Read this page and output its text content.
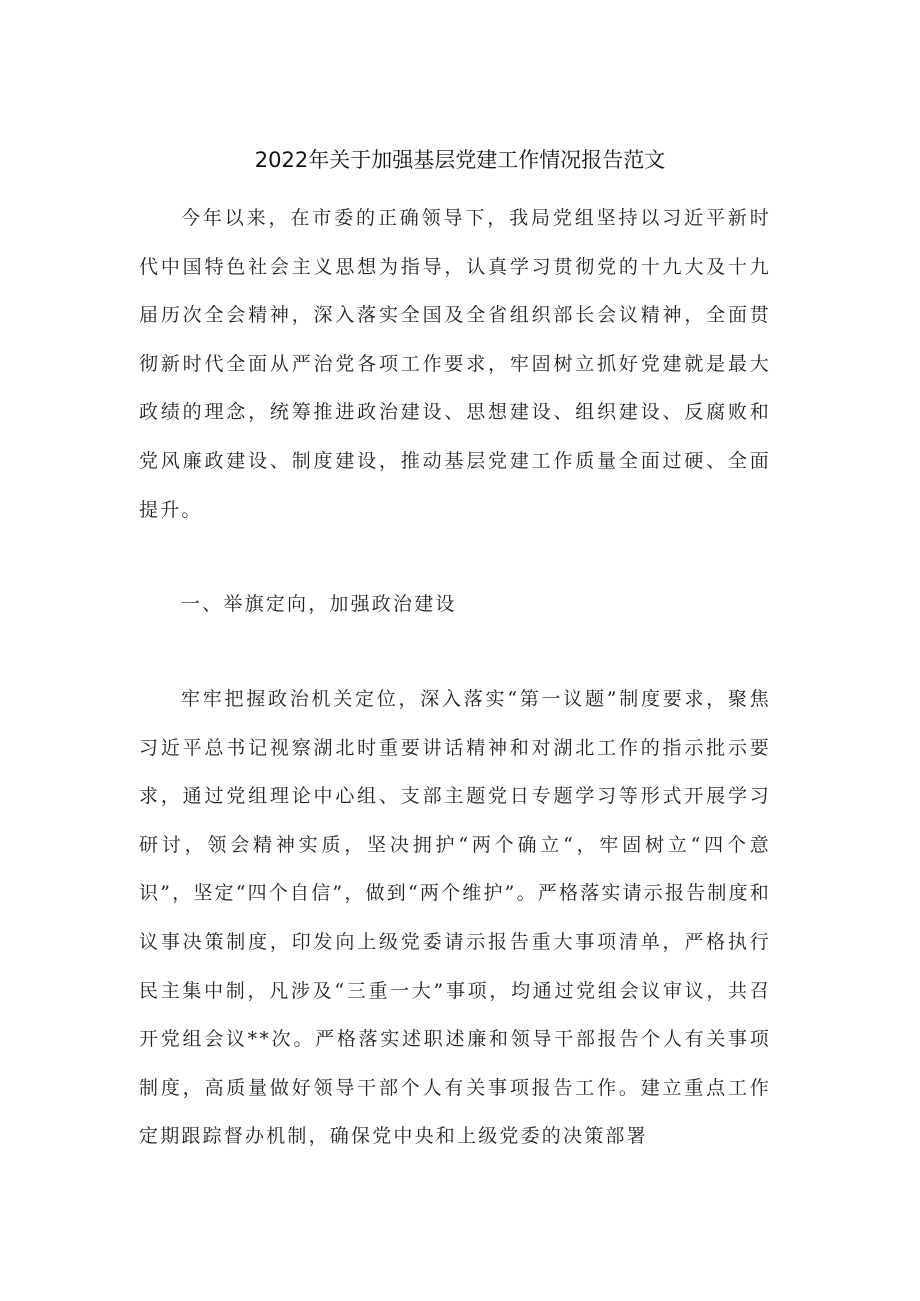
2022年关于加强基层党建工作情况报告范文

今年以来，在市委的正确领导下，我局党组坚持以习近平新时代中国特色社会主义思想为指导，认真学习贯彻党的十九大及十九届历次全会精神，深入落实全国及全省组织部长会议精神，全面贯彻新时代全面从严治党各项工作要求，牢固树立抓好党建就是最大政绩的理念，统筹推进政治建设、思想建设、组织建设、反腐败和党风廉政建设、制度建设，推动基层党建工作质量全面过硬、全面提升。

一、举旗定向，加强政治建设

牢牢把握政治机关定位，深入落实“第一议题”制度要求，聚焦习近平总书记视察湖北时重要讲话精神和对湖北工作的指示批示要求，通过党组理论中心组、支部主题党日专题学习等形式开展学习研讨，领会精神实质，坚决拥护“两个确立“，牢固树立“四个意识”，坚定“四个自信”，做到“两个维护”。严格落实请示报告制度和议事决策制度，印发向上级党委请示报告重大事项清单，严格执行民主集中制，凡涉及“三重一大”事项，均通过党组会议审议，共召开党组会议**次。严格落实述职述廉和领导干部报告个人有关事项制度，高质量做好领导干部个人有关事项报告工作。建立重点工作定期跟踪督办机制，确保党中央和上级党委的决策部署
